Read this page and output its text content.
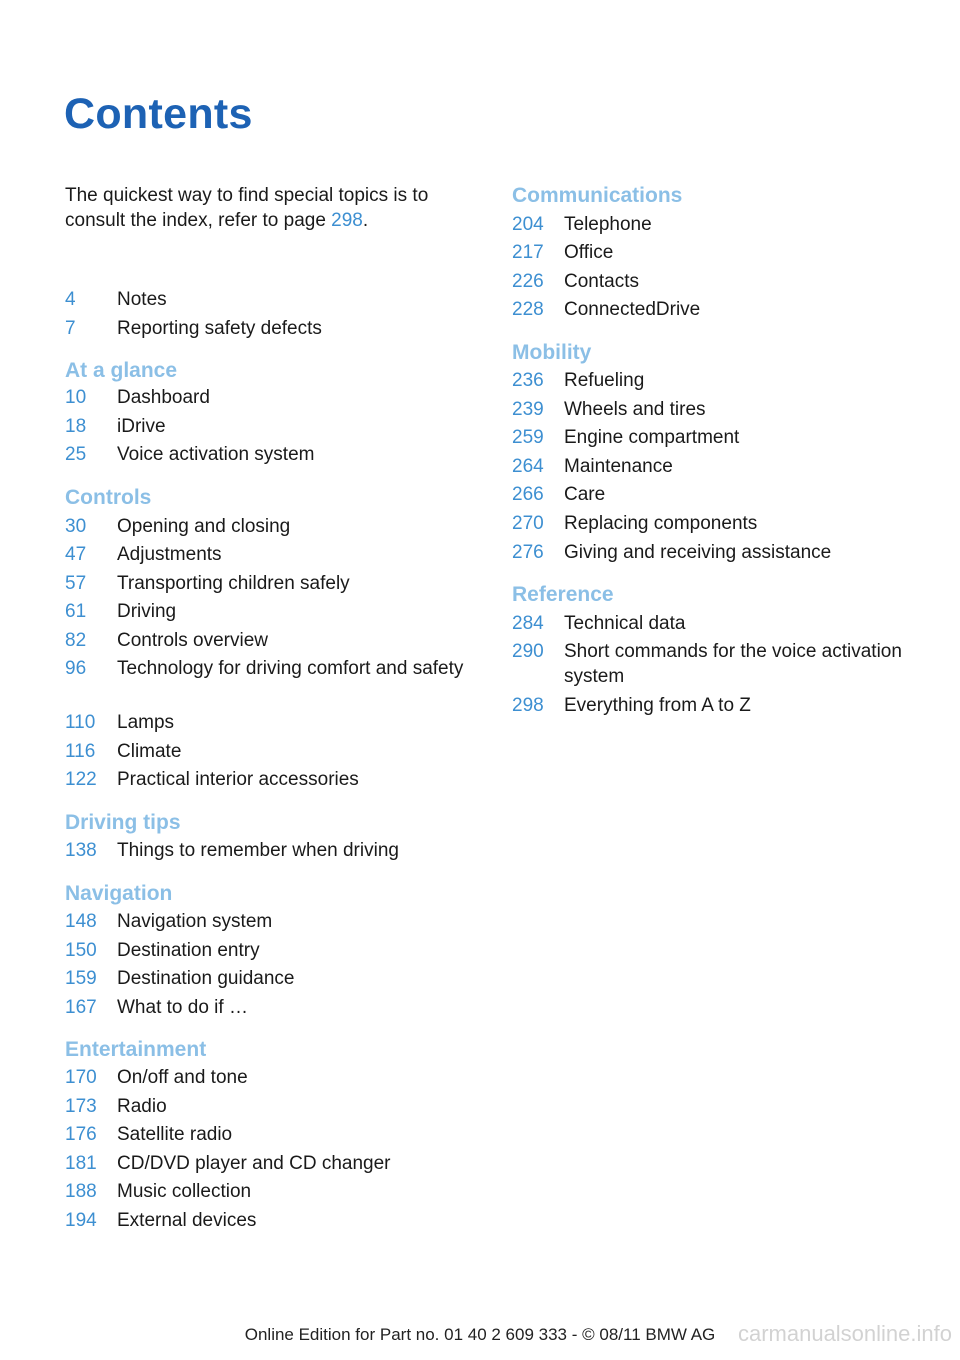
Contents
The quickest way to find special topics is to consult the index, refer to page 298.
4	Notes
7	Reporting safety defects
At a glance
10	Dashboard
18	iDrive
25	Voice activation system
Controls
30	Opening and closing
47	Adjustments
57	Transporting children safely
61	Driving
82	Controls overview
96	Technology for driving comfort and safety
110	Lamps
116	Climate
122	Practical interior accessories
Driving tips
138	Things to remember when driving
Navigation
148	Navigation system
150	Destination entry
159	Destination guidance
167	What to do if …
Entertainment
170	On/off and tone
173	Radio
176	Satellite radio
181	CD/DVD player and CD changer
188	Music collection
194	External devices
Communications
204	Telephone
217	Office
226	Contacts
228	ConnectedDrive
Mobility
236	Refueling
239	Wheels and tires
259	Engine compartment
264	Maintenance
266	Care
270	Replacing components
276	Giving and receiving assistance
Reference
284	Technical data
290	Short commands for the voice activation system
298	Everything from A to Z
Online Edition for Part no. 01 40 2 609 333 - © 08/11 BMW AG	carmanualsonline.info
